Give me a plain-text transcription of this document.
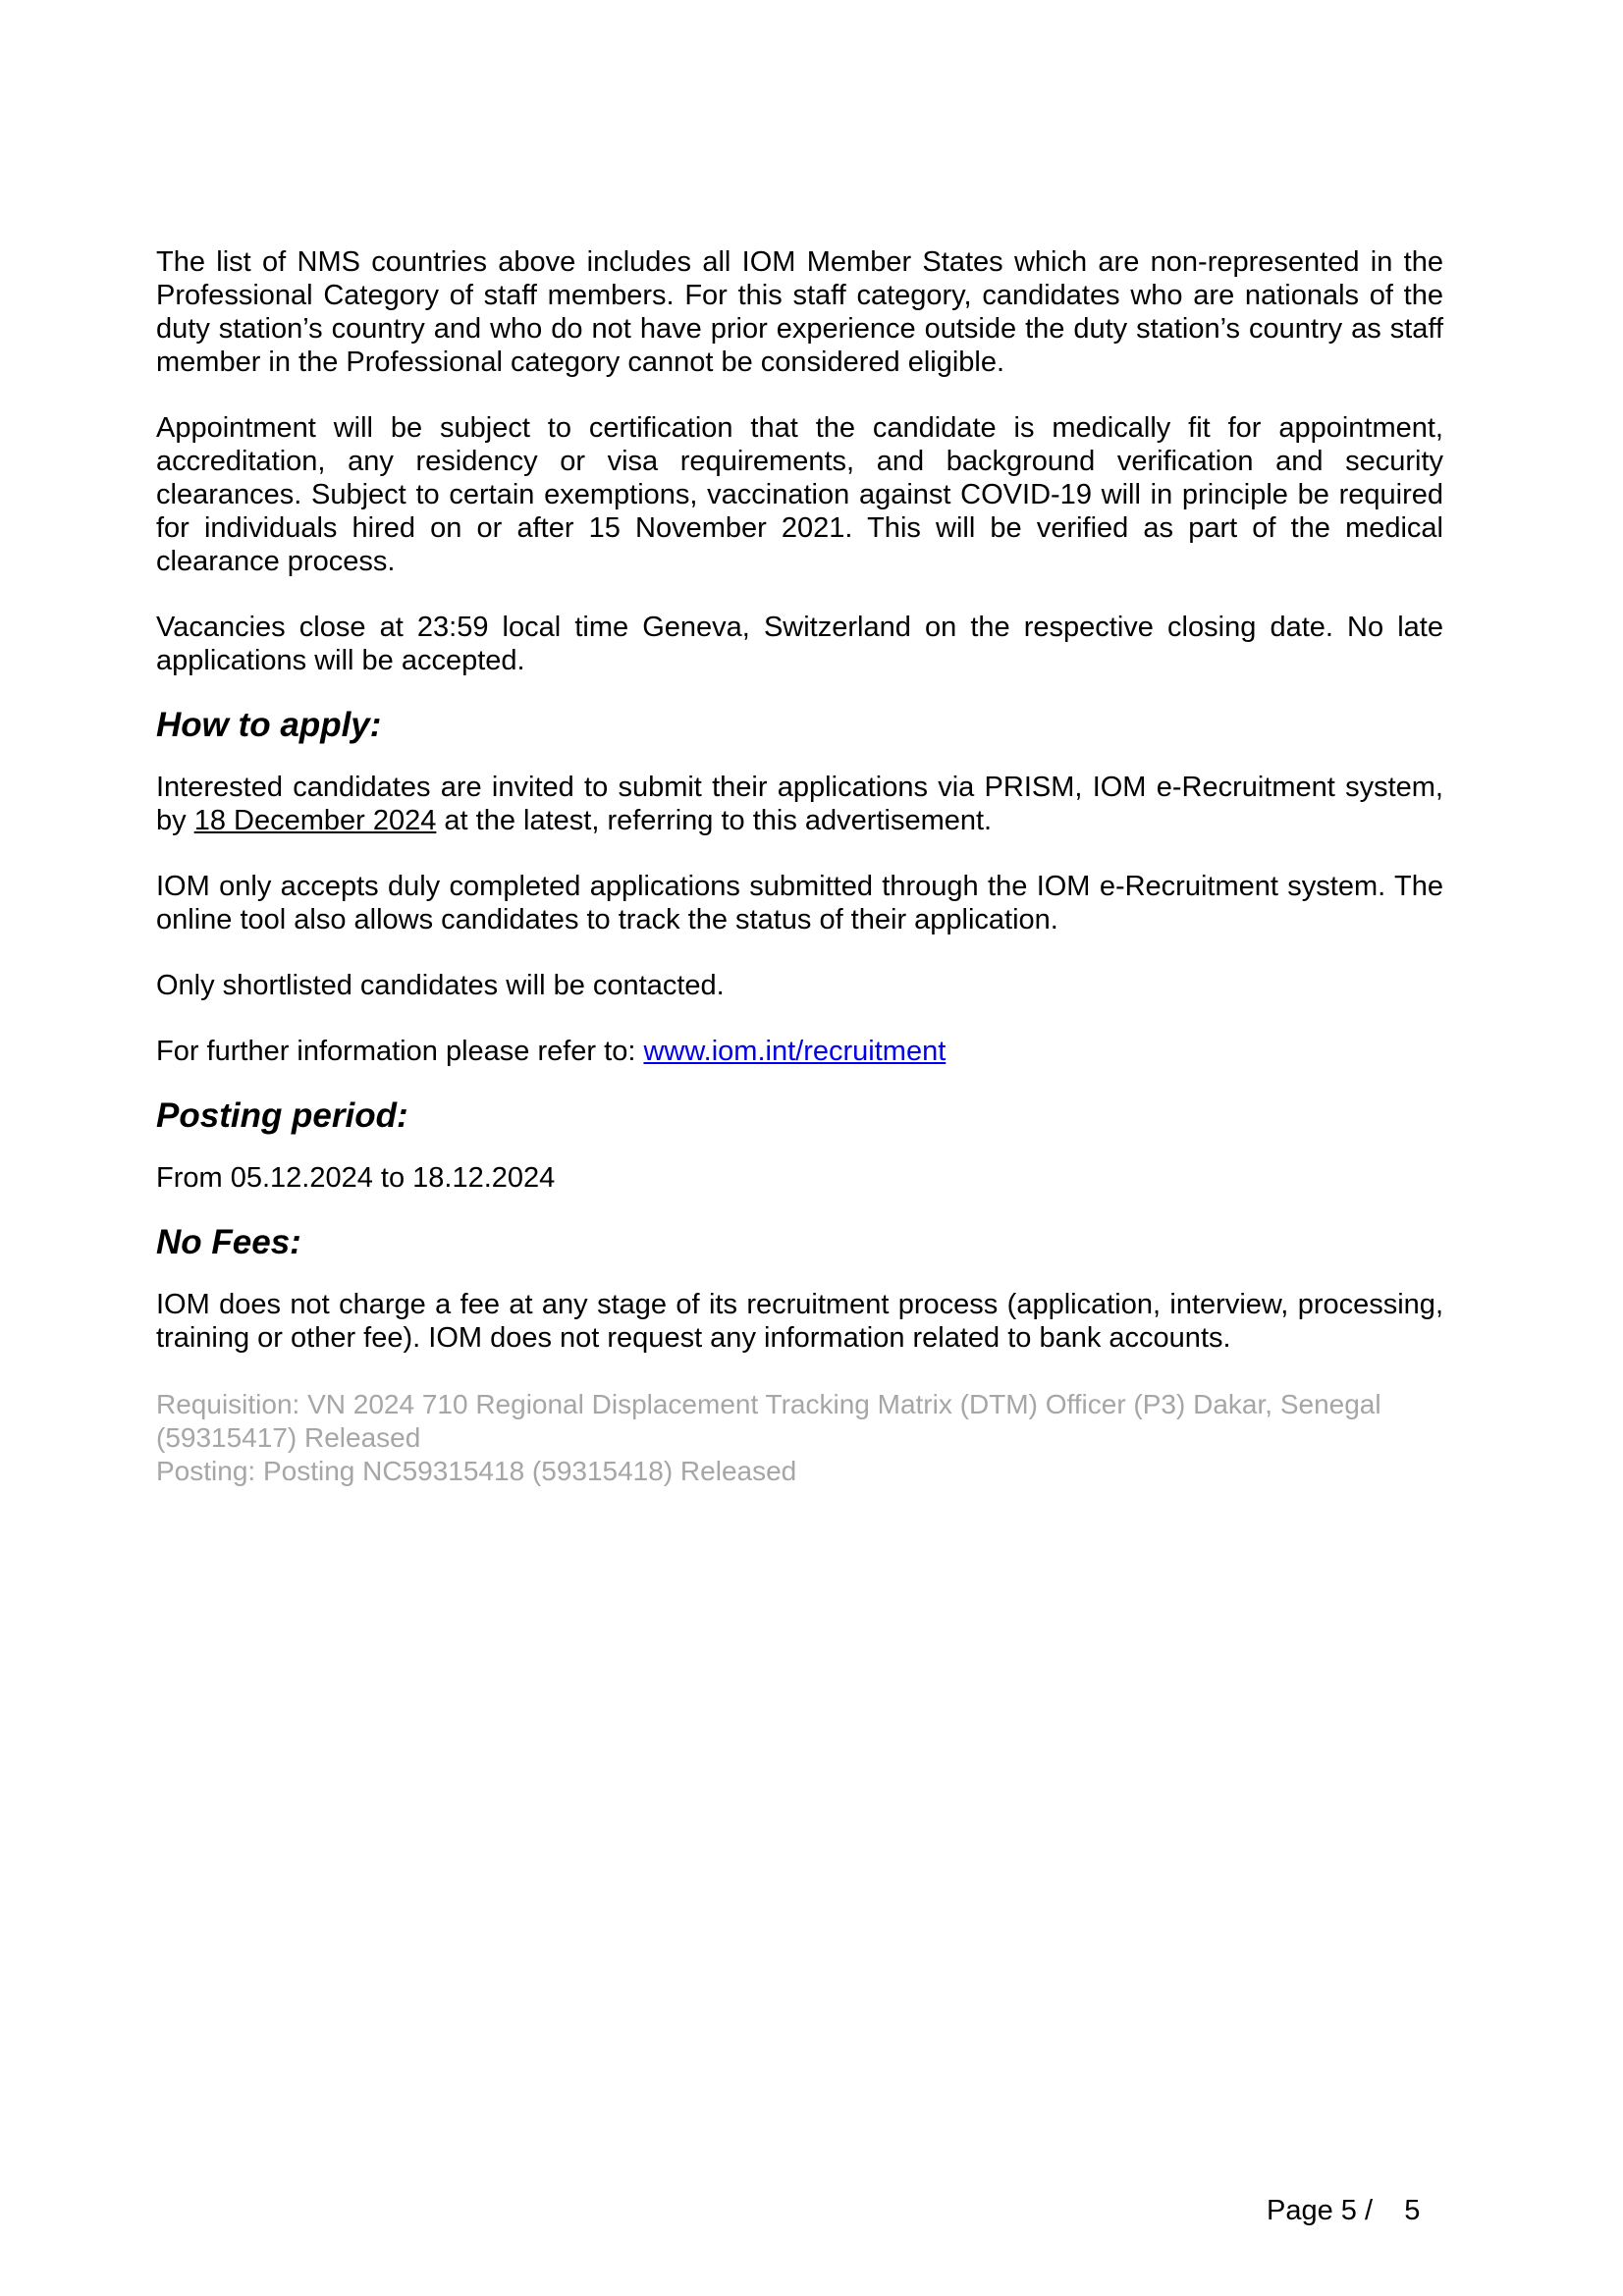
The list of NMS countries above includes all IOM Member States which are non-represented in the Professional Category of staff members. For this staff category, candidates who are nationals of the duty station’s country and who do not have prior experience outside the duty station’s country as staff member in the Professional category cannot be considered eligible.

Appointment will be subject to certification that the candidate is medically fit for appointment, accreditation, any residency or visa requirements, and background verification and security clearances. Subject to certain exemptions, vaccination against COVID-19 will in principle be required for individuals hired on or after 15 November 2021. This will be verified as part of the medical clearance process.

Vacancies close at 23:59 local time Geneva, Switzerland on the respective closing date. No late applications will be accepted.

How to apply:

Interested candidates are invited to submit their applications via PRISM, IOM e-Recruitment system, by 18 December 2024 at the latest, referring to this advertisement.

IOM only accepts duly completed applications submitted through the IOM e-Recruitment system. The online tool also allows candidates to track the status of their application.

Only shortlisted candidates will be contacted.

For further information please refer to: www.iom.int/recruitment

Posting period:

From 05.12.2024 to 18.12.2024

No Fees:

IOM does not charge a fee at any stage of its recruitment process (application, interview, processing, training or other fee). IOM does not request any information related to bank accounts.

Requisition: VN 2024 710 Regional Displacement Tracking Matrix (DTM) Officer (P3) Dakar, Senegal (59315417) Released
Posting: Posting NC59315418 (59315418) Released
Page 5 /    5
